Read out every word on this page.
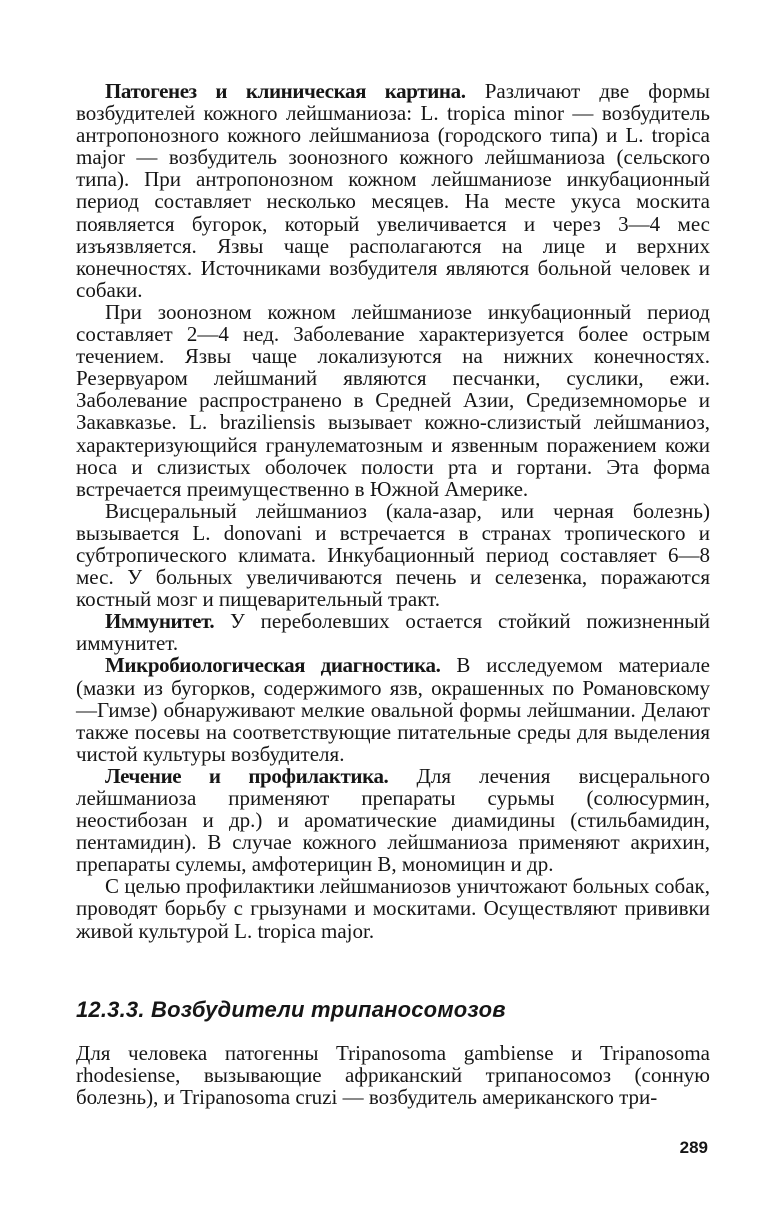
Патогенез и клиническая картина. Различают две формы возбудителей кожного лейшманиоза: L. tropica minor — возбудитель антропонозного кожного лейшманиоза (городского типа) и L. tropica major — возбудитель зоонозного кожного лейшманиоза (сельского типа). При антропонозном кожном лейшманиозе инкубационный период составляет несколько месяцев. На месте укуса москита появляется бугорок, который увеличивается и через 3—4 мес изъязвляется. Язвы чаще располагаются на лице и верхних конечностях. Источниками возбудителя являются больной человек и собаки.

При зоонозном кожном лейшманиозе инкубационный период составляет 2—4 нед. Заболевание характеризуется более острым течением. Язвы чаще локализуются на нижних конечностях. Резервуаром лейшманий являются песчанки, суслики, ежи. Заболевание распространено в Средней Азии, Средиземноморье и Закавказье. L. braziliensis вызывает кожно-слизистый лейшманиоз, характеризующийся гранулематозным и язвенным поражением кожи носа и слизистых оболочек полости рта и гортани. Эта форма встречается преимущественно в Южной Америке.

Висцеральный лейшманиоз (кала-азар, или черная болезнь) вызывается L. donovani и встречается в странах тропического и субтропического климата. Инкубационный период составляет 6—8 мес. У больных увеличиваются печень и селезенка, поражаются костный мозг и пищеварительный тракт.

Иммунитет. У переболевших остается стойкий пожизненный иммунитет.

Микробиологическая диагностика. В исследуемом материале (мазки из бугорков, содержимого язв, окрашенных по Романовскому—Гимзе) обнаруживают мелкие овальной формы лейшмании. Делают также посевы на соответствующие питательные среды для выделения чистой культуры возбудителя.

Лечение и профилактика. Для лечения висцерального лейшманиоза применяют препараты сурьмы (солюсурмин, неостибозан и др.) и ароматические диамидины (стильбамидин, пентамидин). В случае кожного лейшманиоза применяют акрихин, препараты сулемы, амфотерицин В, мономицин и др.

С целью профилактики лейшманиозов уничтожают больных собак, проводят борьбу с грызунами и москитами. Осуществляют прививки живой культурой L. tropica major.

12.3.3. Возбудители трипаносомозов

Для человека патогенны Tripanosoma gambiense и Tripanosoma rhodesiense, вызывающие африканский трипаносомоз (сонную болезнь), и Tripanosoma cruzi — возбудитель американского три-

289
